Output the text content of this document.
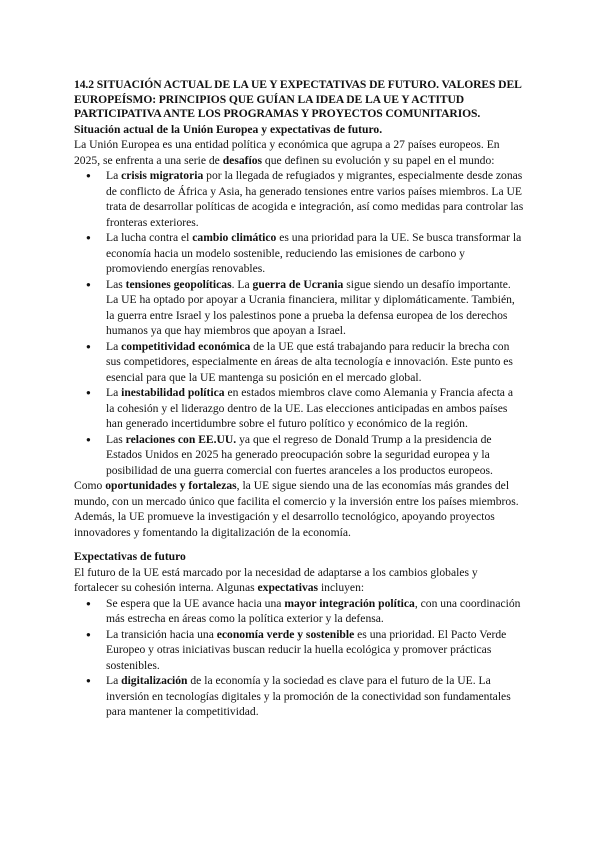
14.2 SITUACIÓN ACTUAL DE LA UE Y EXPECTATIVAS DE FUTURO. VALORES DEL EUROPEÍSMO: PRINCIPIOS QUE GUÍAN LA IDEA DE LA UE Y ACTITUD PARTICIPATIVA ANTE LOS PROGRAMAS Y PROYECTOS COMUNITARIOS.
Situación actual de la Unión Europea y expectativas de futuro.

La Unión Europea es una entidad política y económica que agrupa a 27 países europeos. En 2025, se enfrenta a una serie de desafíos que definen su evolución y su papel en el mundo:

● La crisis migratoria por la llegada de refugiados y migrantes, especialmente desde zonas de conflicto de África y Asia, ha generado tensiones entre varios países miembros. La UE trata de desarrollar políticas de acogida e integración, así como medidas para controlar las fronteras exteriores.
● La lucha contra el cambio climático es una prioridad para la UE. Se busca transformar la economía hacia un modelo sostenible, reduciendo las emisiones de carbono y promoviendo energías renovables.
● Las tensiones geopolíticas. La guerra de Ucrania sigue siendo un desafío importante. La UE ha optado por apoyar a Ucrania financiera, militar y diplomáticamente. También, la guerra entre Israel y los palestinos pone a prueba la defensa europea de los derechos humanos ya que hay miembros que apoyan a Israel.
● La competitividad económica de la UE que está trabajando para reducir la brecha con sus competidores, especialmente en áreas de alta tecnología e innovación. Este punto es esencial para que la UE mantenga su posición en el mercado global.
● La inestabilidad política en estados miembros clave como Alemania y Francia afecta a la cohesión y el liderazgo dentro de la UE. Las elecciones anticipadas en ambos países han generado incertidumbre sobre el futuro político y económico de la región.
● Las relaciones con EE.UU. ya que el regreso de Donald Trump a la presidencia de Estados Unidos en 2025 ha generado preocupación sobre la seguridad europea y la posibilidad de una guerra comercial con fuertes aranceles a los productos europeos.

Como oportunidades y fortalezas, la UE sigue siendo una de las economías más grandes del mundo, con un mercado único que facilita el comercio y la inversión entre los países miembros. Además, la UE promueve la investigación y el desarrollo tecnológico, apoyando proyectos innovadores y fomentando la digitalización de la economía.

Expectativas de futuro

El futuro de la UE está marcado por la necesidad de adaptarse a los cambios globales y fortalecer su cohesión interna. Algunas expectativas incluyen:

● Se espera que la UE avance hacia una mayor integración política, con una coordinación más estrecha en áreas como la política exterior y la defensa.
● La transición hacia una economía verde y sostenible es una prioridad. El Pacto Verde Europeo y otras iniciativas buscan reducir la huella ecológica y promover prácticas sostenibles.
● La digitalización de la economía y la sociedad es clave para el futuro de la UE. La inversión en tecnologías digitales y la promoción de la conectividad son fundamentales para mantener la competitividad.
